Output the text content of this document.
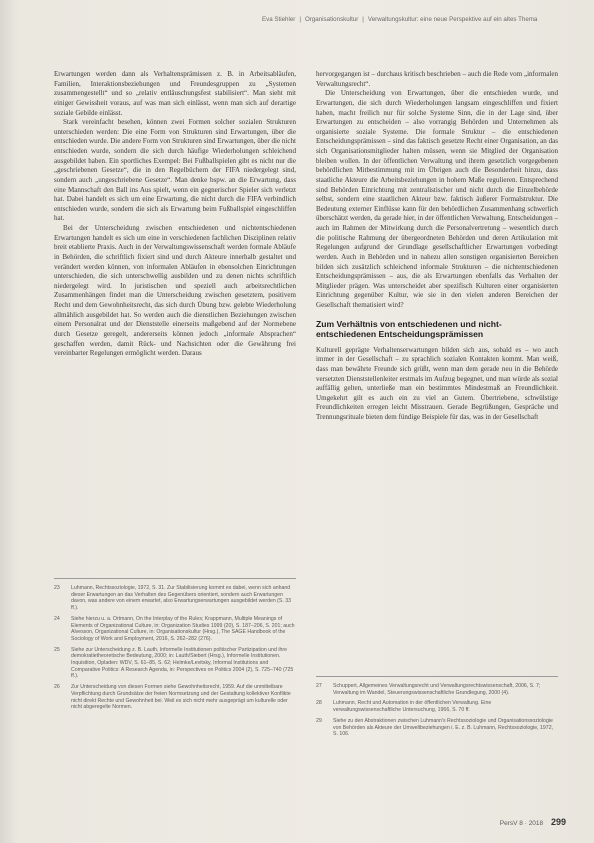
Eva Stiehler | Organisationskultur | Verwaltungskultur: eine neue Perspektive auf ein altes Thema

Erwartungen werden dann als Verhaltensprämissen z. B. in Arbeitsabläufen, Familien, Interaktionsbeziehungen und Freundesgruppen zu „Systemen zusammengestellt“ und so „relativ entläuschungsfest stabilisiert“. Man sieht mit einiger Gewissheit voraus, auf was man sich einlässt, wenn man sich auf derartige soziale Gebilde einlässt.

Stark vereinfacht besehen, können zwei Formen solcher sozialen Strukturen unterschieden werden: Die eine Form von Strukturen sind Erwartungen, über die entschieden wurde. Die andere Form von Strukturen sind Erwartungen, über die nicht entschieden wurde, sondern die sich durch häufige Wiederholungen schleichend ausgebildet haben. Ein sportliches Exempel: Bei Fußballspielen gibt es nicht nur die „geschriebenen Gesetze“, die in den Regelbüchern der FIFA niedergelegt sind, sondern auch „ungeschriebene Gesetze“. Man denke bspw. an die Erwartung, dass eine Mannschaft den Ball ins Aus spielt, wenn ein gegnerischer Spieler sich verletzt hat. Dabei handelt es sich um eine Erwartung, die nicht durch die FIFA verbindlich entschieden wurde, sondern die sich als Erwartung beim Fußballspiel eingeschliffen hat.

Bei der Unterscheidung zwischen entschiedenen und nichtentschiedenen Erwartungen handelt es sich um eine in verschiedenen fachlichen Disziplinen relativ breit etablierte Praxis. Auch in der Verwaltungswissenschaft werden formale Abläufe in Behörden, die schriftlich fixiert sind und durch Akteure innerhalb gestaltet und verändert werden können, von informalen Abläufen in ebensolchen Einrichtungen unterschieden, die sich unterschwellig ausbilden und zu denen nichts schriftlich niedergelegt wird. In juristischen und speziell auch arbeitsrechtlichen Zusammenhängen findet man die Unterscheidung zwischen gesetztem, positivem Recht und dem Gewohnheitsrecht, das sich durch Übung bzw. gelebte Wiederholung allmählich ausgebildet hat. So werden auch die dienstlichen Beziehungen zwischen einem Personalrat und der Dienststelle einerseits maßgebend auf der Normebene durch Gesetze geregelt, andererseits können jedoch „informale Absprachen“ geschaffen werden, damit Rück- und Nachsichten oder die Gewährung frei vereinbarter Regelungen ermöglicht werden. Daraus

hervorgegangen ist – durchaus kritisch beschrieben – auch die Rede vom „informalen Verwaltungsrecht“.

Die Unterscheidung von Erwartungen, über die entschieden wurde, und Erwartungen, die sich durch Wiederholungen langsam eingeschliffen und fixiert haben, macht freilich nur für solche Systeme Sinn, die in der Lage sind, über Erwartungen zu entscheiden – also vorrangig Behörden und Unternehmen als organisierte soziale Systeme. Die formale Struktur – die entschiedenen Entscheidungsprämissen – sind das faktisch gesetzte Recht einer Organisation, an das sich Organisationsmitglieder halten müssen, wenn sie Mitglied der Organisation bleiben wollen. In der öffentlichen Verwaltung und ihrem gesetzlich vorgegebenen behördlichen Mitbestimmung mit im Übrigen auch die Besonderheit hinzu, dass staatliche Akteure die Arbeitsbeziehungen in hohem Maße regulieren. Entsprechend sind Behörden Einrichtung mit zentralistischer und nicht durch die Einzelbehörde selbst, sondern eine staatlichen Akteur bzw. faktisch äußerer Formalstruktur. Die Bedeutung externer Einflüsse kann für den behördlichen Zusammenhang schwerlich überschätzt werden, da gerade hier, in der öffentlichen Verwaltung, Entscheidungen – auch im Rahmen der Mitwirkung durch die Personalvertretung – wesentlich durch die politische Rahmung der übergeordneten Behörden und deren Artikulation mit Regelungen aufgrund der Grundlage gesellschaftlicher Erwartungen vorbedingt werden. Auch in Behörden und in nahezu allen sonstigen organisierten Bereichen bilden sich zusätzlich schleichend informale Strukturen – die nichtentschiedenen Entscheidungsprämissen – aus, die als Erwartungen ebenfalls das Verhalten der Mitglieder prägen. Was unterscheidet aber spezifisch Kulturen einer organisierten Einrichtung gegenüber Kultur, wie sie in den vielen anderen Bereichen der Gesellschaft thematisiert wird?

Zum Verhältnis von entschiedenen und nicht-entschiedenen Entscheidungsprämissen

Kulturell geprägte Verhaltenserwartungen bilden sich aus, sobald es – wo auch immer in der Gesellschaft – zu sprachlich sozialen Kontakten kommt. Man weiß, dass man bewährte Freunde sich grüßt, wenn man dem gerade neu in die Behörde versetzten Dienststellenleiter erstmals im Aufzug begegnet, und man würde als sozial auffällig gelten, unterließe man ein bestimmtes Mindestmaß an Freundlichkeit. Umgekehrt gilt es auch ein zu viel an Gutem. Übertriebene, schwülstige Freundlichkeiten erregen leicht Misstrauen. Gerade Begrüßungen, Gespräche und Trennungsrituale bieten dem fündige Beispiele für das, was in der Gesellschaft

23	Luhmann, Rechtssoziologie, 1972, S. 31. Zur Stabilisierung kommt es dabei, wenn sich anhand dieser Erwartungen an das Verhalten des Gegenübers orientiert, sondern auch Erwartungen davon, was andere von einem erwartet, also Erwartungserwartungen ausgebildet werden (S. 33 ff.).
24	Siehe hierzu u. a. Ortmann, On the Interplay of the Rules; Krappmann, Multiple Meanings of Elements of Organizational Culture, in: Organization Studies 1999 (20), S. 187–206, S. 201; auch Alvesson, Organizational Culture, in: Organisationskultur (Hrsg.), The SAGE Handbook of the Sociology of Work and Employment, 2016, S. 262–282 (276).
25	Siehe zur Unterscheidung z. B. Lauth, Informelle Institutionen politischer Partizipation und ihre demokratietheoretische Bedeutung, 2000; in: Lauth/Siebert (Hrsg.), Informelle Institutionen. Inquisition, Opladen: WDV, S. 61–85, S. 62; Helmke/Levitsky, Informal Institutions and Comparative Politics: A Research Agenda, in: Perspectives on Politics 2004 (2), S. 725–740 (725 ff.).
26	Zur Unterscheidung von diesen Formen siehe Gewohnheitsrecht, 1959. Auf die unmittelbare Verpflichtung durch Grundsätze der freien Normsetzung und der Gestaltung kollektiver Konflikte nicht direkt Rechte und Gewohnheit bei. Weil es sich nicht mehr ausgeprägt um kulturelle oder nicht abgeregelte Normen.
27	Schuppert, Allgemeines Verwaltungsrecht und Verwaltungsrechtswissenschaft, 2006, S. 7; Verwaltung im Wandel, Steuerungswissenschaftliche Grundlegung, 2000 (4).
28	Luhmann, Recht und Automation in der öffentlichen Verwaltung. Eine verwaltungswissenschaftliche Untersuchung, 1966, S. 70 ff.
29	Siehe zu den Abstraktionen zwischen Luhmann's Rechtssoziologie und Organisationssoziologie von Behörden als Akteure der Umweltbeziehungen i. E. z. B. Luhmann, Rechtssoziologie, 1972, S. 106.
PersV 8 · 2018 299
